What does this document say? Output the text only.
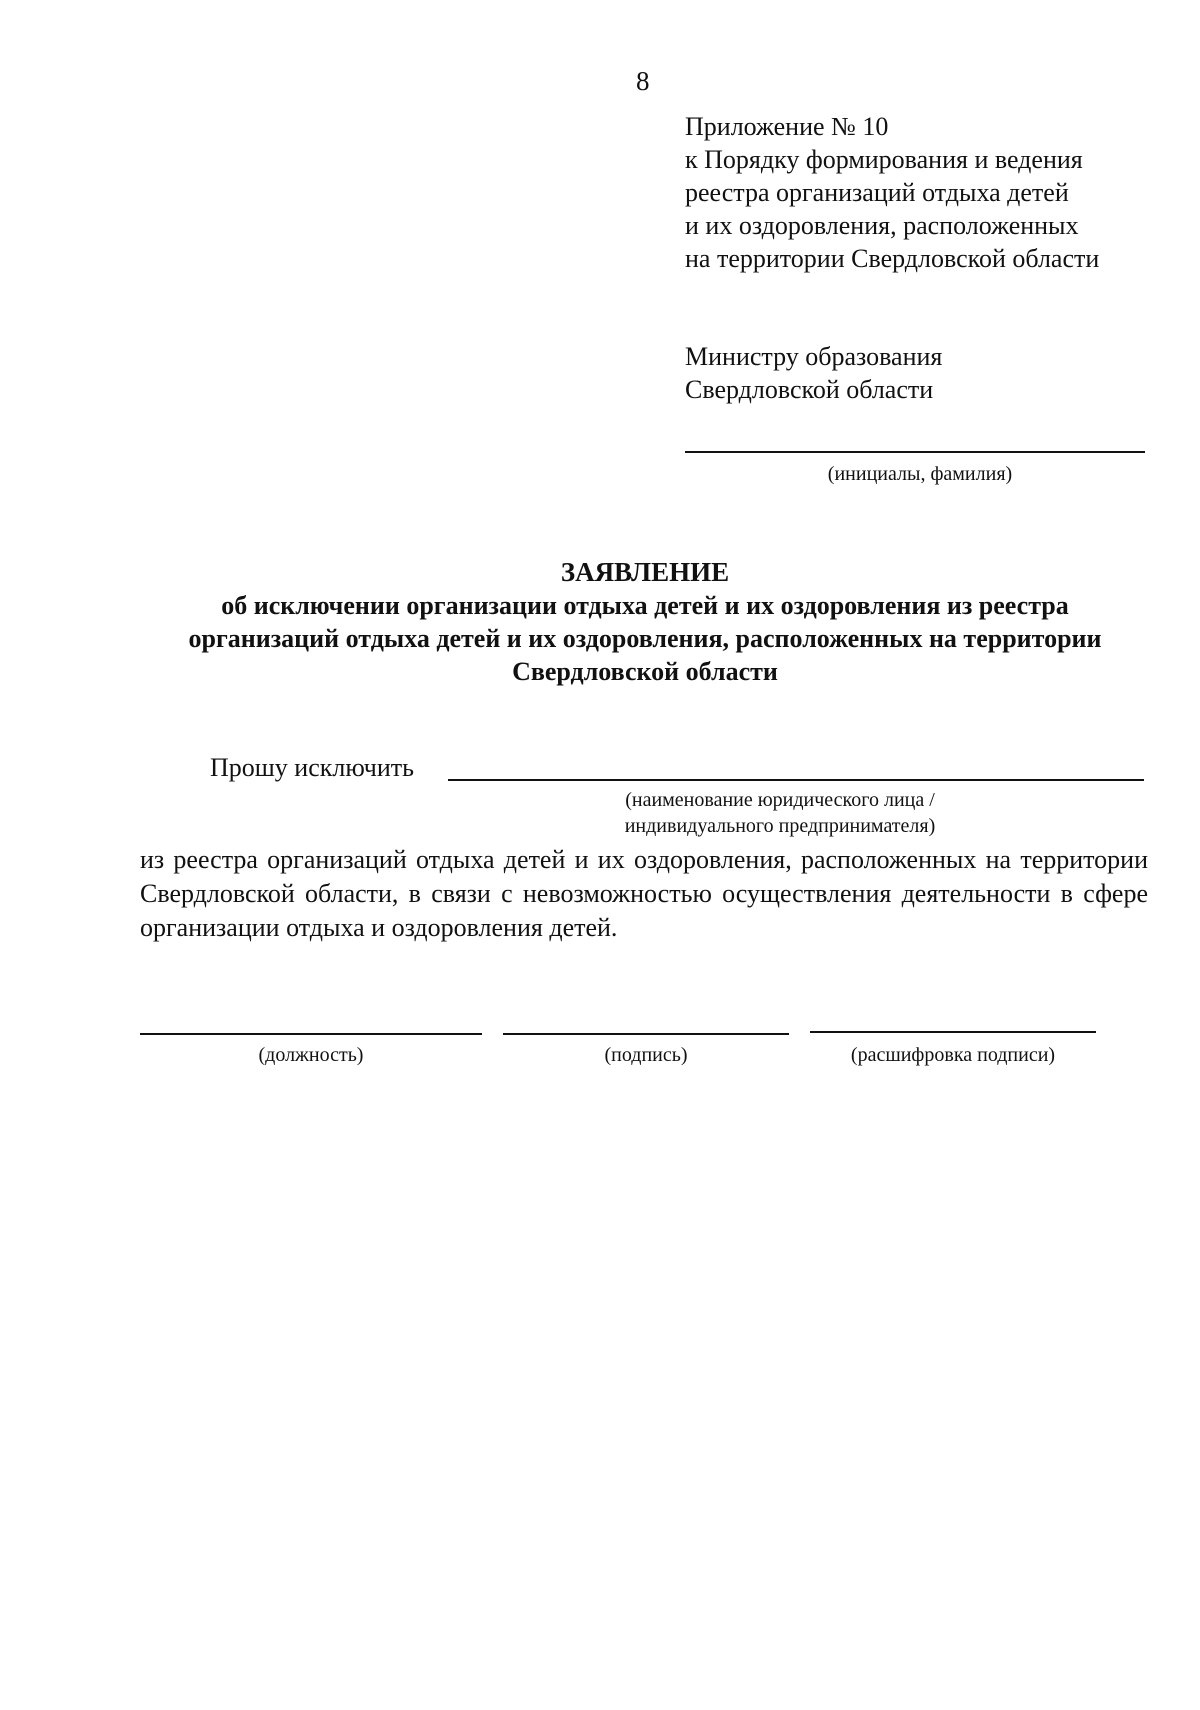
8
Приложение № 10
к Порядку формирования и ведения
реестра организаций отдыха детей
и их оздоровления, расположенных
на территории Свердловской области
Министру образования
Свердловской области
(инициалы, фамилия)
ЗАЯВЛЕНИЕ
об исключении организации отдыха детей и их оздоровления из реестра
организаций отдыха детей и их оздоровления, расположенных на территории
Свердловской области
Прошу исключить
(наименование юридического лица /
индивидуального предпринимателя)
из реестра организаций отдыха детей и их оздоровления, расположенных на территории Свердловской области, в связи с невозможностью осуществления деятельности в сфере организации отдыха и оздоровления детей.
(должность)	(подпись)	(расшифровка подписи)
